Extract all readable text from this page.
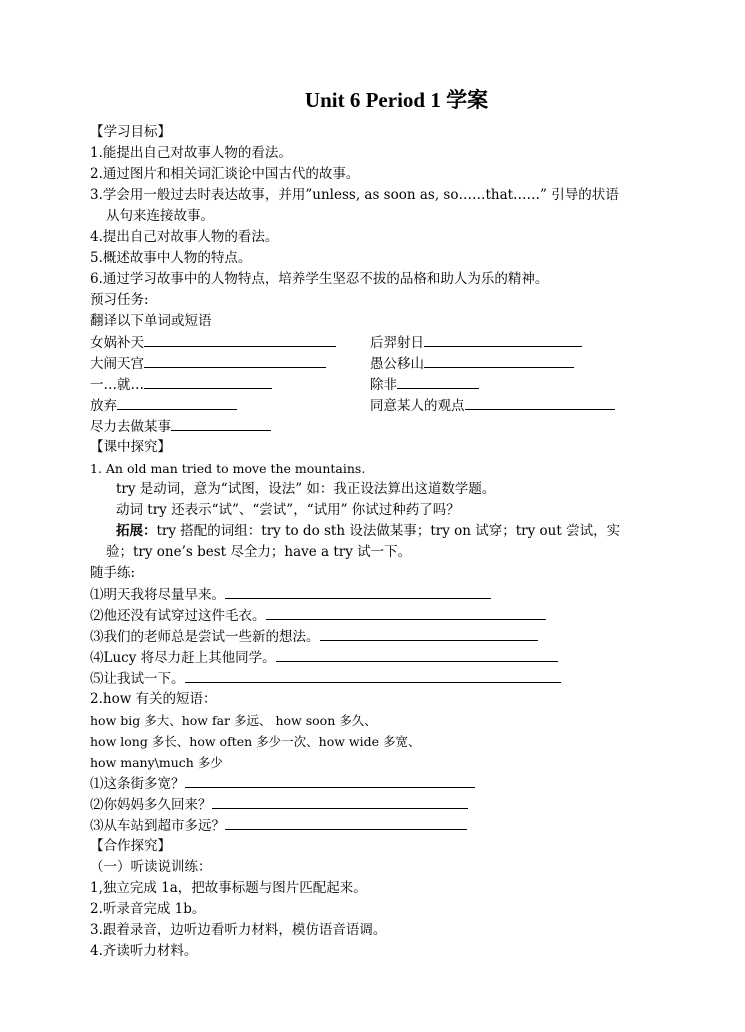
Unit 6 Period 1 学案
【学习目标】
1.能提出自己对故事人物的看法。
2.通过图片和相关词汇谈论中国古代的故事。
3.学会用一般过去时表达故事，并用”unless, as soon as, so……that……” 引导的状语
从句来连接故事。
4.提出自己对故事人物的看法。
5.概述故事中人物的特点。
6.通过学习故事中的人物特点，培养学生坚忍不拔的品格和助人为乐的精神。
预习任务:
翻译以下单词或短语
女娲补天	后羿射日
大闹天宫	愚公移山
一…就…	除非
放弃	同意某人的观点
尽力去做某事
【课中探究】
1. An old man tried to move the mountains.
try 是动词，意为“试图，设法” 如：我正设法算出这道数学题。
动词 try 还表示“试”、“尝试”，“试用” 你试过种药了吗？
拓展：try 搭配的词组：try to do sth 设法做某事；try on 试穿；try out 尝试，实
验；try one’s best 尽全力；have a try 试一下。
随手练:
⑴明天我将尽量早来。
⑵他还没有试穿过这件毛衣。
⑶我们的老师总是尝试一些新的想法。
⑷Lucy 将尽力赶上其他同学。
⑸让我试一下。
2.how 有关的短语：
how big 多大、how far 多远、 how soon 多久、
how long 多长、how often 多少一次、how wide 多宽、
how many\much 多少
⑴这条街多宽？
⑵你妈妈多久回来？
⑶从车站到超市多远？
【合作探究】
（一）听读说训练：
1,独立完成 1a，把故事标题与图片匹配起来。
2.听录音完成 1b。
3.跟着录音，边听边看听力材料，模仿语音语调。
4.齐读听力材料。
